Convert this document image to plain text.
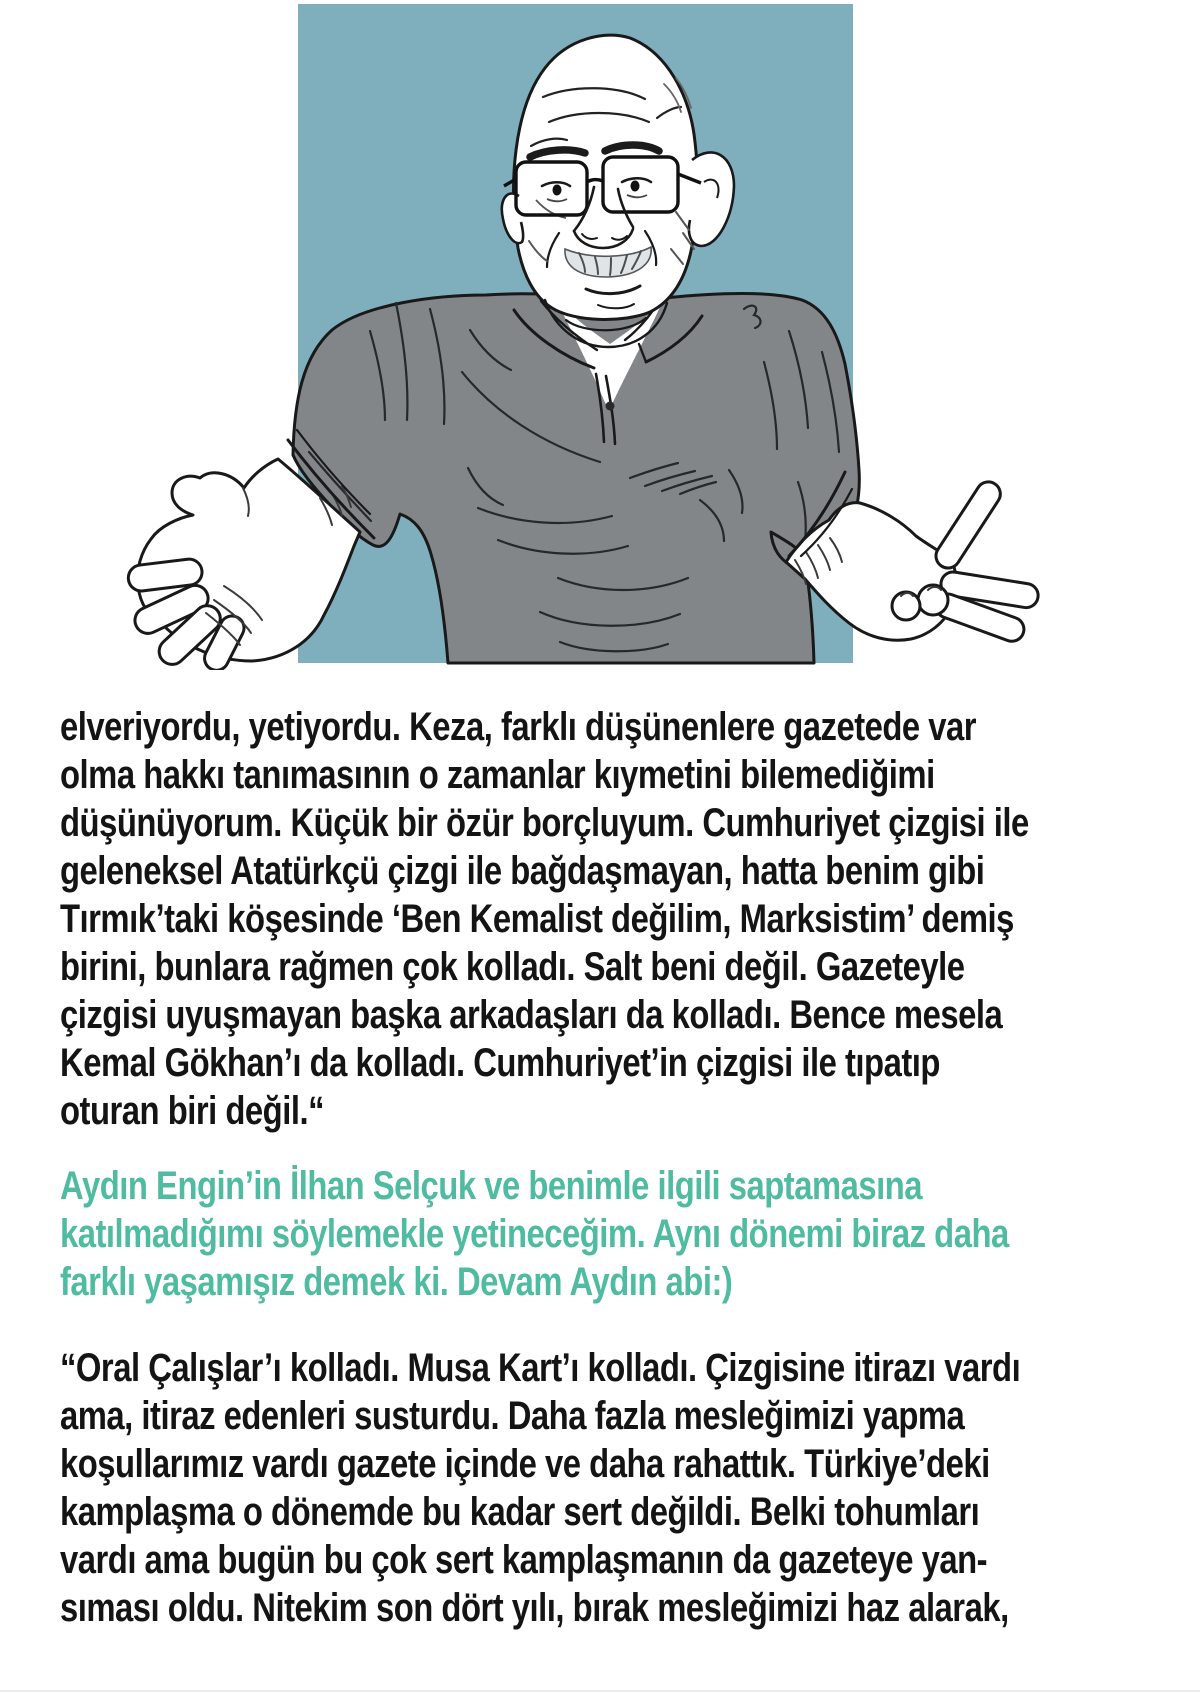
elveriyordu, yetiyordu. Keza, farklı düşünenlere gazetede var
olma hakkı tanımasının o zamanlar kıymetini bilemediğimi
düşünüyorum. Küçük bir özür borçluyum. Cumhuriyet çizgisi ile
geleneksel Atatürkçü çizgi ile bağdaşmayan, hatta benim gibi
Tırmık’taki köşesinde ‘Ben Kemalist değilim, Marksistim’ demiş
birini, bunlara rağmen çok kolladı. Salt beni değil. Gazeteyle
çizgisi uyuşmayan başka arkadaşları da kolladı. Bence mesela
Kemal Gökhan’ı da kolladı. Cumhuriyet’in çizgisi ile tıpatıp
oturan biri değil.“
Aydın Engin’in İlhan Selçuk ve benimle ilgili saptamasına
katılmadığımı söylemekle yetineceğim. Aynı dönemi biraz daha
farklı yaşamışız demek ki. Devam Aydın abi:)
“Oral Çalışlar’ı kolladı. Musa Kart’ı kolladı. Çizgisine itirazı vardı
ama, itiraz edenleri susturdu. Daha fazla mesleğimizi yapma
koşullarımız vardı gazete içinde ve daha rahattık. Türkiye’deki
kamplaşma o dönemde bu kadar sert değildi. Belki tohumları
vardı ama bugün bu çok sert kamplaşmanın da gazeteye yan-
sıması oldu. Nitekim son dört yılı, bırak mesleğimizi haz alarak,
